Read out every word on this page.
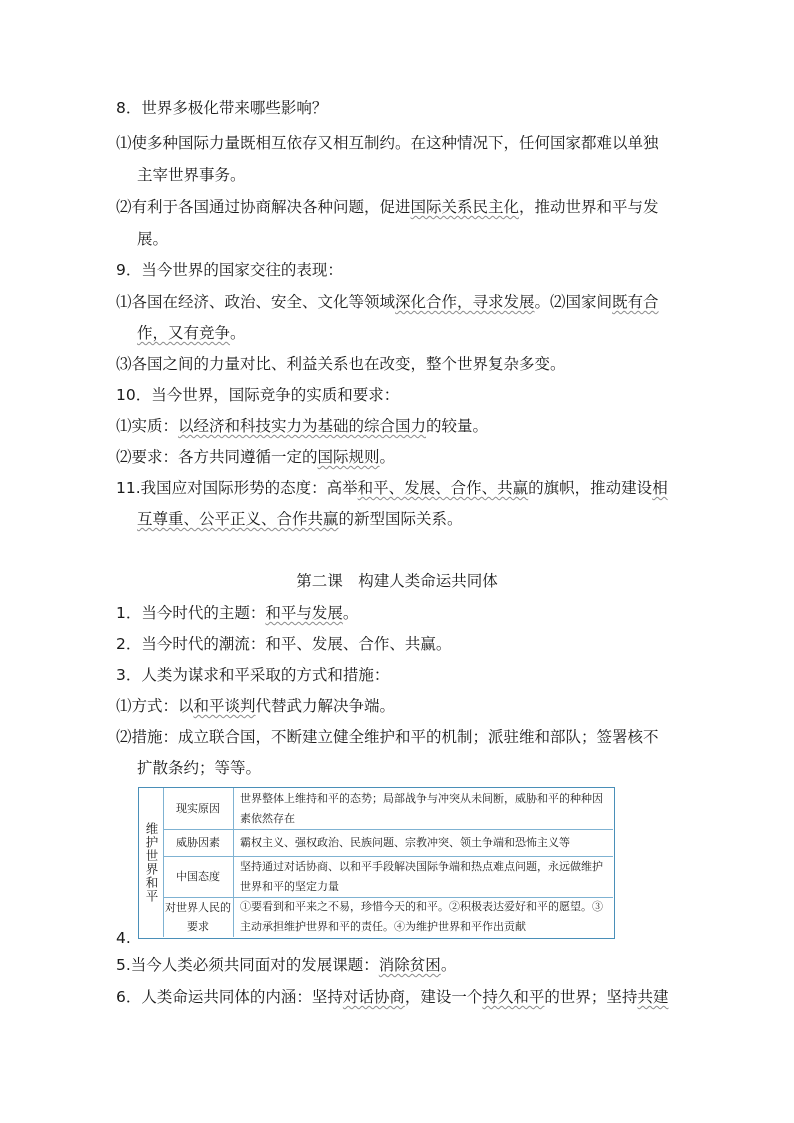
8．世界多极化带来哪些影响？
⑴使多种国际力量既相互依存又相互制约。在这种情况下，任何国家都难以单独
主宰世界事务。
⑵有利于各国通过协商解决各种问题，促进国际关系民主化，推动世界和平与发
展。
9．当今世界的国家交往的表现：
⑴各国在经济、政治、安全、文化等领域深化合作，寻求发展。⑵国家间既有合
作，又有竞争。
⑶各国之间的力量对比、利益关系也在改变，整个世界复杂多变。
10．当今世界，国际竞争的实质和要求：
⑴实质：以经济和科技实力为基础的综合国力的较量。
⑵要求：各方共同遵循一定的国际规则。
11.我国应对国际形势的态度：高举和平、发展、合作、共赢的旗帜，推动建设相
互尊重、公平正义、合作共赢的新型国际关系。
第二课　构建人类命运共同体
1．当今时代的主题：和平与发展。
2．当今时代的潮流：和平、发展、合作、共赢。
3．人类为谋求和平采取的方式和措施：
⑴方式：以和平谈判代替武力解决争端。
⑵措施：成立联合国，不断建立健全维护和平的机制；派驻维和部队；签署核不
扩散条约；等等。
4.
维护世界和平
现实原因
世界整体上维持和平的态势；局部战争与冲突从未间断，威胁和平的种种因素依然存在
威胁因素	霸权主义、强权政治、民族问题、宗教冲突、领土争端和恐怖主义等
中国态度
坚持通过对话协商、以和平手段解决国际争端和热点难点问题，永远做维护世界和平的坚定力量
对世界人民的要求
①要看到和平来之不易，珍惜今天的和平。②积极表达爱好和平的愿望。③主动承担维护世界和平的责任。④为维护世界和平作出贡献
5.当今人类必须共同面对的发展课题：消除贫困。
6．人类命运共同体的内涵：坚持对话协商，建设一个持久和平的世界；坚持共建
